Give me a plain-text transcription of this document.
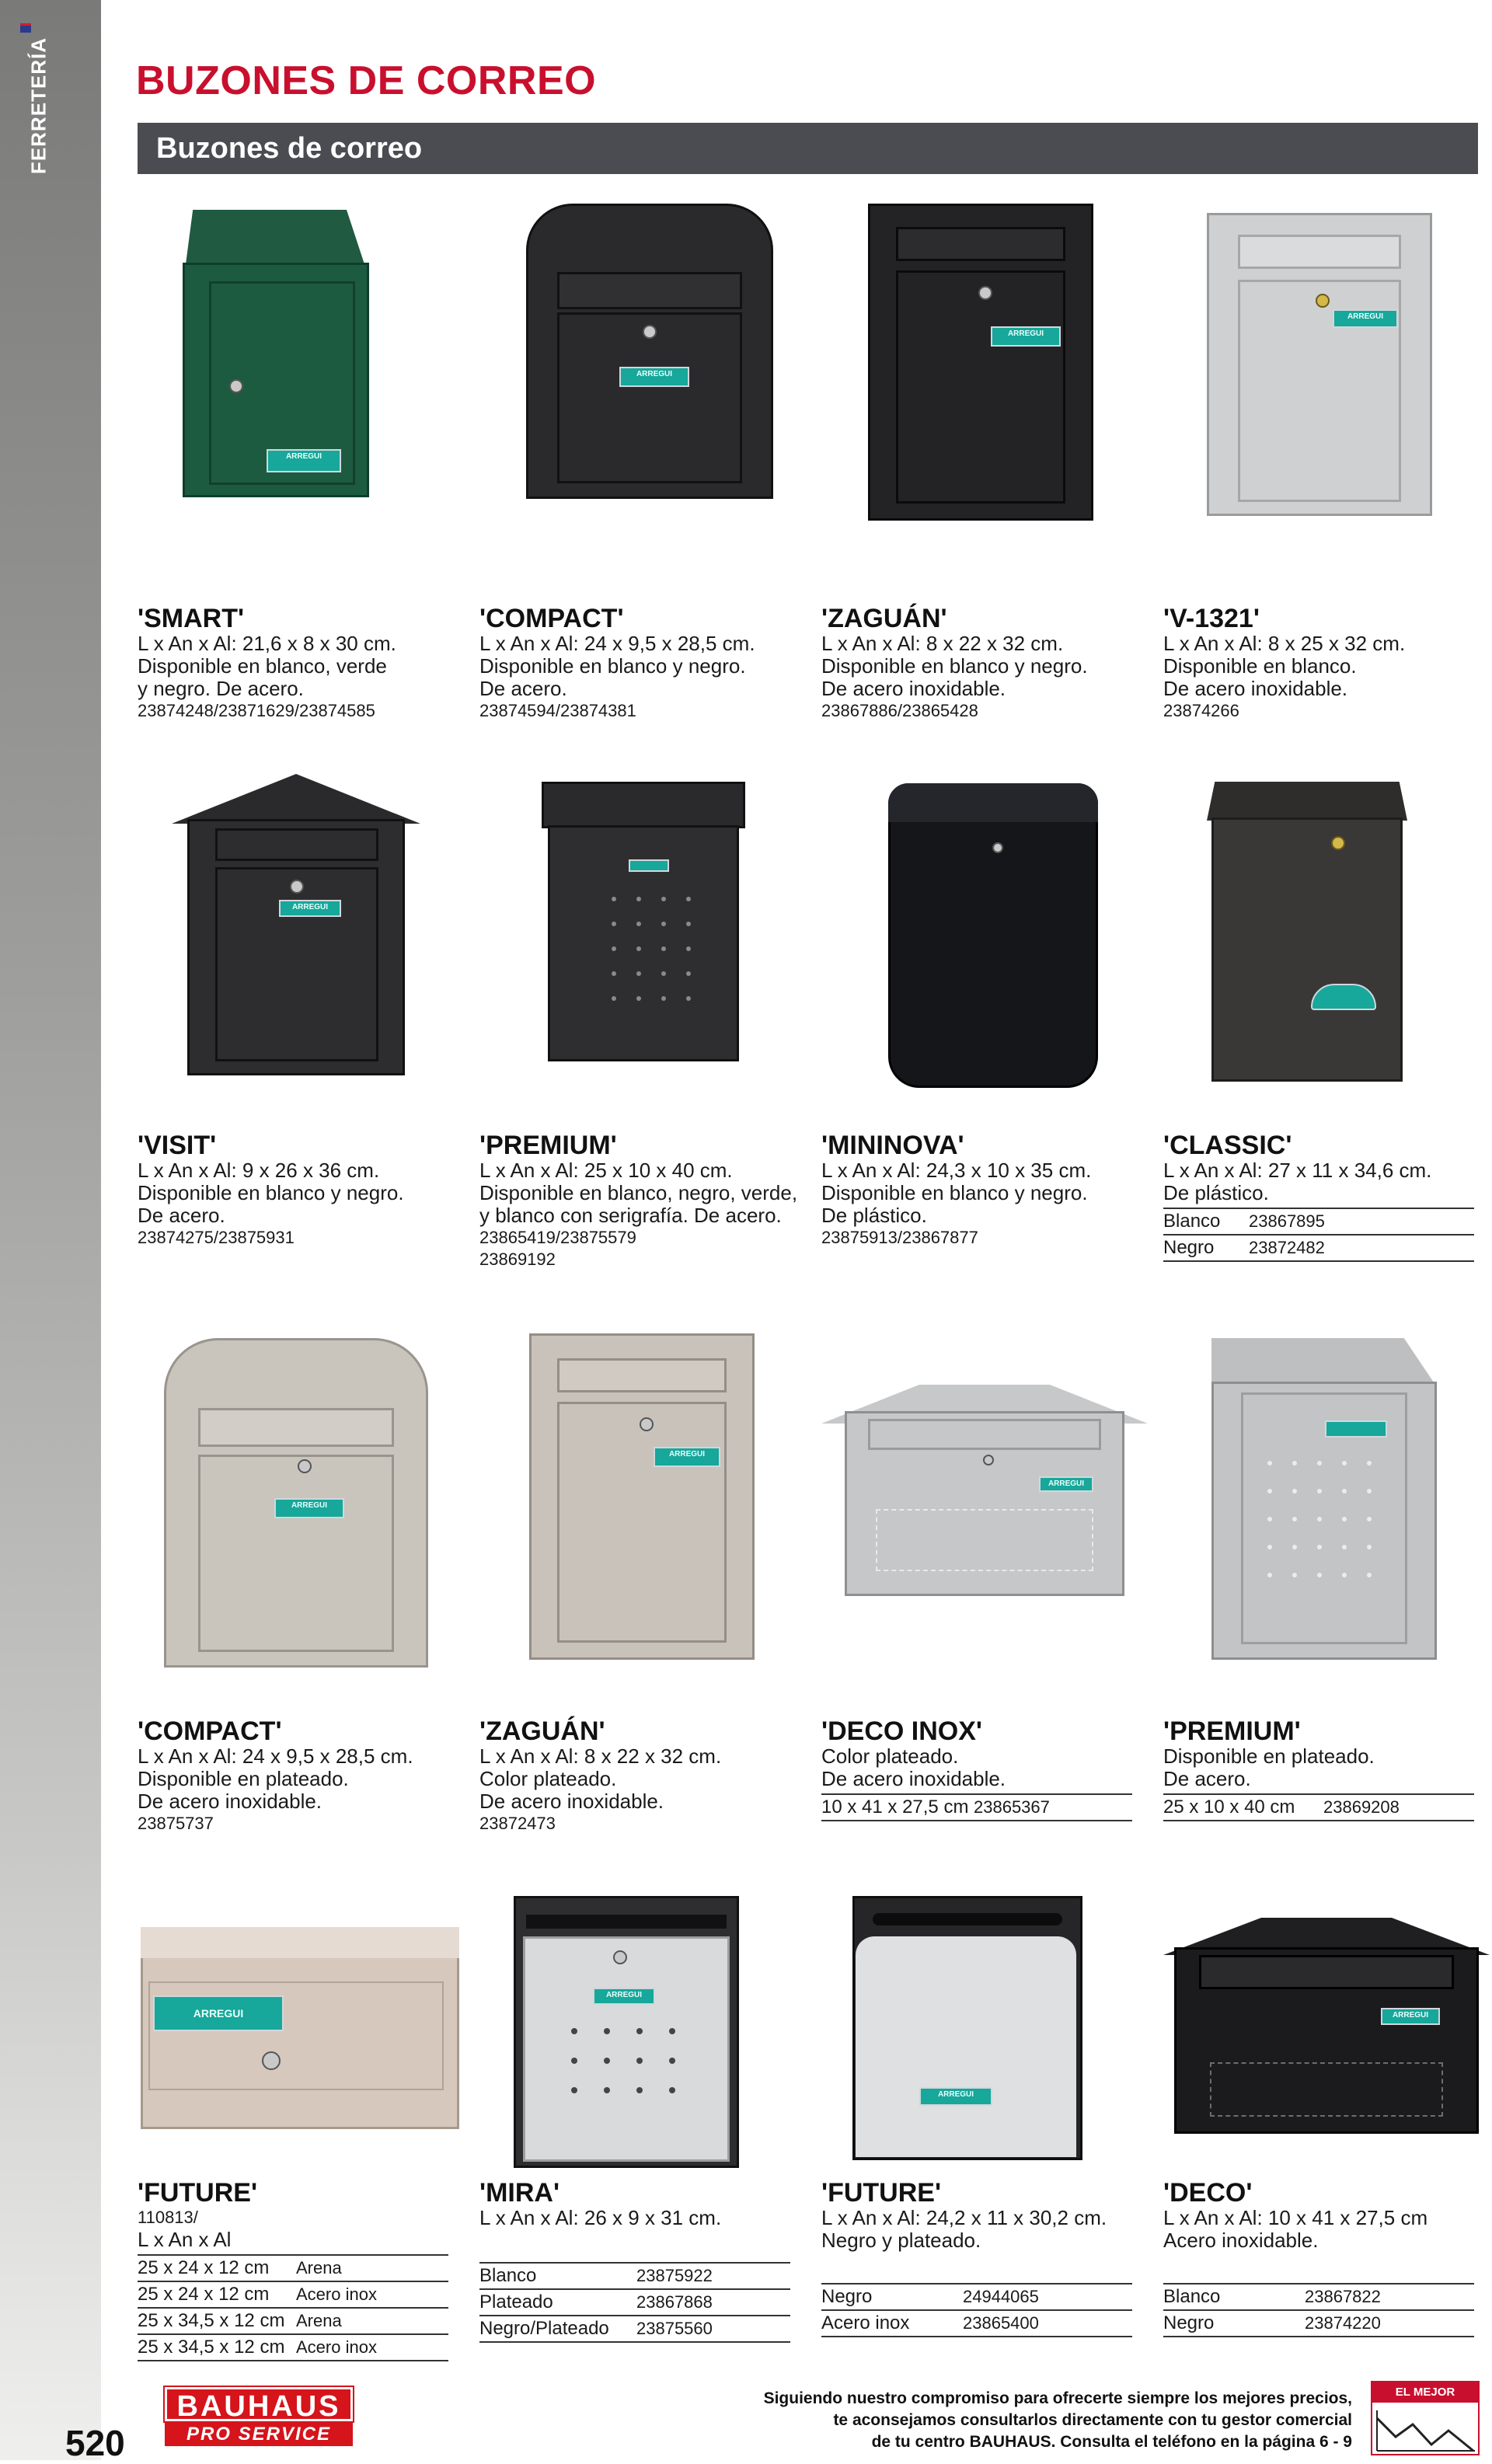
FERRETERÍA BUZONES DE CORREO
Buzones de correo
ARREGUI
ARREGUI
ARREGUI
ARREGUI
'SMART'
L x An x Al: 21,6 x 8 x 30 cm.
Disponible en blanco, verde
y negro. De acero.
23874248/23871629/23874585
'COMPACT'
L x An x Al: 24 x 9,5 x 28,5 cm.
Disponible en blanco y negro.
De acero.
23874594/23874381
'ZAGUÁN'
L x An x Al: 8 x 22 x 32 cm.
Disponible en blanco y negro.
De acero inoxidable.
23867886/23865428
'V-1321'
L x An x Al: 8 x 25 x 32 cm.
Disponible en blanco.
De acero inoxidable.
23874266
ARREGUI
'VISIT'
L x An x Al: 9 x 26 x 36 cm.
Disponible en blanco y negro.
De acero.
23874275/23875931
'PREMIUM'
L x An x Al: 25 x 10 x 40 cm.
Disponible en blanco, negro, verde,
y blanco con serigrafía. De acero.
23865419/23875579
23869192
'MININOVA'
L x An x Al: 24,3 x 10 x 35 cm.
Disponible en blanco y negro.
De plástico.
23875913/23867877
'CLASSIC'
L x An x Al: 27 x 11 x 34,6 cm.
De plástico.
Blanco	23867895
Negro	23872482
ARREGUI
ARREGUI
ARREGUI
'COMPACT'
L x An x Al: 24 x 9,5 x 28,5 cm.
Disponible en plateado.
De acero inoxidable.
23875737
'ZAGUÁN'
L x An x Al: 8 x 22 x 32 cm.
Color plateado.
De acero inoxidable.
23872473
'DECO INOX'
Color plateado.
De acero inoxidable.
10 x 41 x 27,5 cm	23865367
'PREMIUM'
Disponible en plateado.
De acero.
25 x 10 x 40 cm	23869208
ARREGUI
ARREGUI
ARREGUI
ARREGUI
'FUTURE'
110813/
L x An x Al
25 x 24 x 12 cm	Arena
25 x 24 x 12 cm	Acero inox
25 x 34,5 x 12 cm	Arena
25 x 34,5 x 12 cm	Acero inox
'MIRA'
L x An x Al: 26 x 9 x 31 cm.
Blanco	23875922
Plateado	23867868
Negro/Plateado	23875560
'FUTURE'
L x An x Al: 24,2 x 11 x 30,2 cm.
Negro y plateado.
Negro	24944065
Acero inox	23865400
'DECO'
L x An x Al: 10 x 41 x 27,5 cm
Acero inoxidable.
Blanco	23867822
Negro	23874220
520
BAUHAUS
PRO SERVICE
Siguiendo nuestro compromiso para ofrecerte siempre los mejores precios,
te aconsejamos consultarlos directamente con tu gestor comercial
de tu centro BAUHAUS. Consulta el teléfono en la página 6 - 9
EL MEJOR PRECIO
